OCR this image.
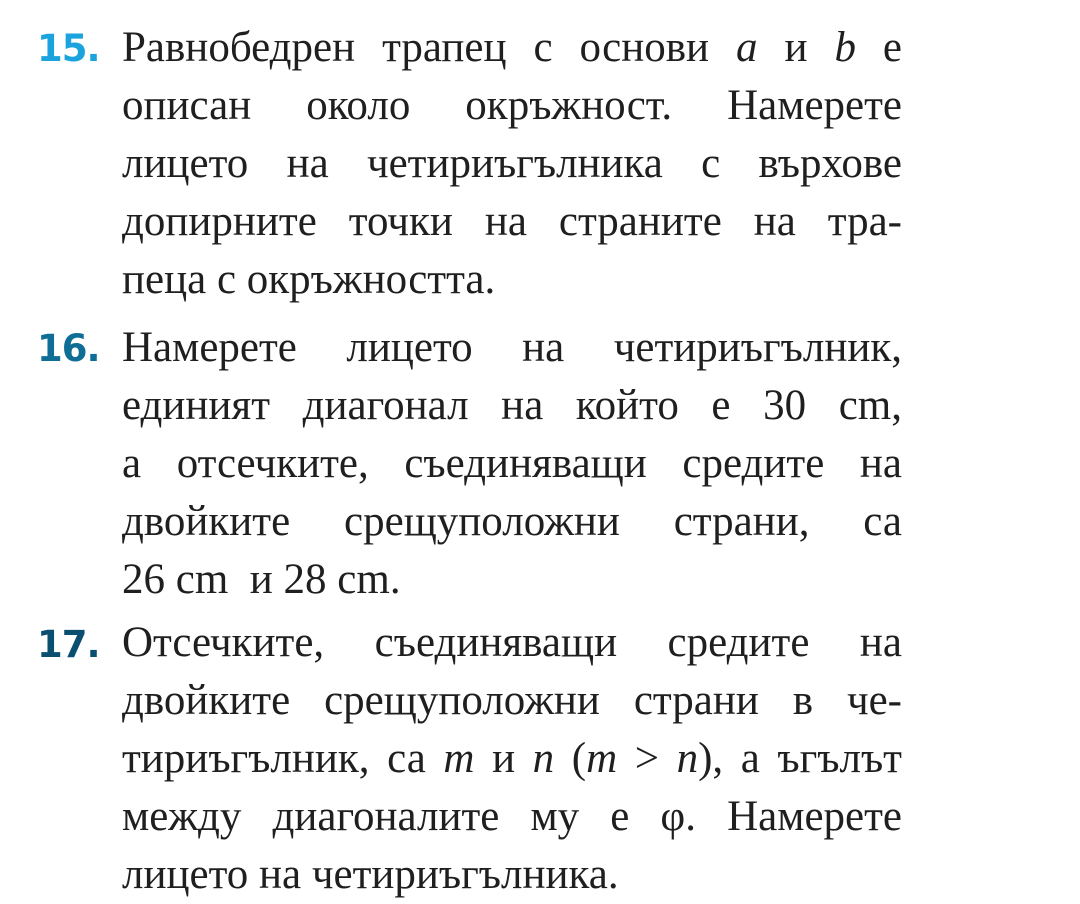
15. Равнобедрен трапец с основи a и b е
описан около окръжност. Намерете
лицето на четириъгълника с върхове
допирните точки на страните на тра-
пеца с окръжността.
16. Намерете лицето на четириъгълник,
единият диагонал на който е 30 cm,
а отсечките, съединяващи средите на
двойките срещуположни страни, са
26 cm  и 28 cm.
17. Отсечките, съединяващи средите на
двойките срещуположни страни в че-
тириъгълник, са m и n (m > n), а ъгълът
между диагоналите му е φ. Намерете
лицето на четириъгълника.
